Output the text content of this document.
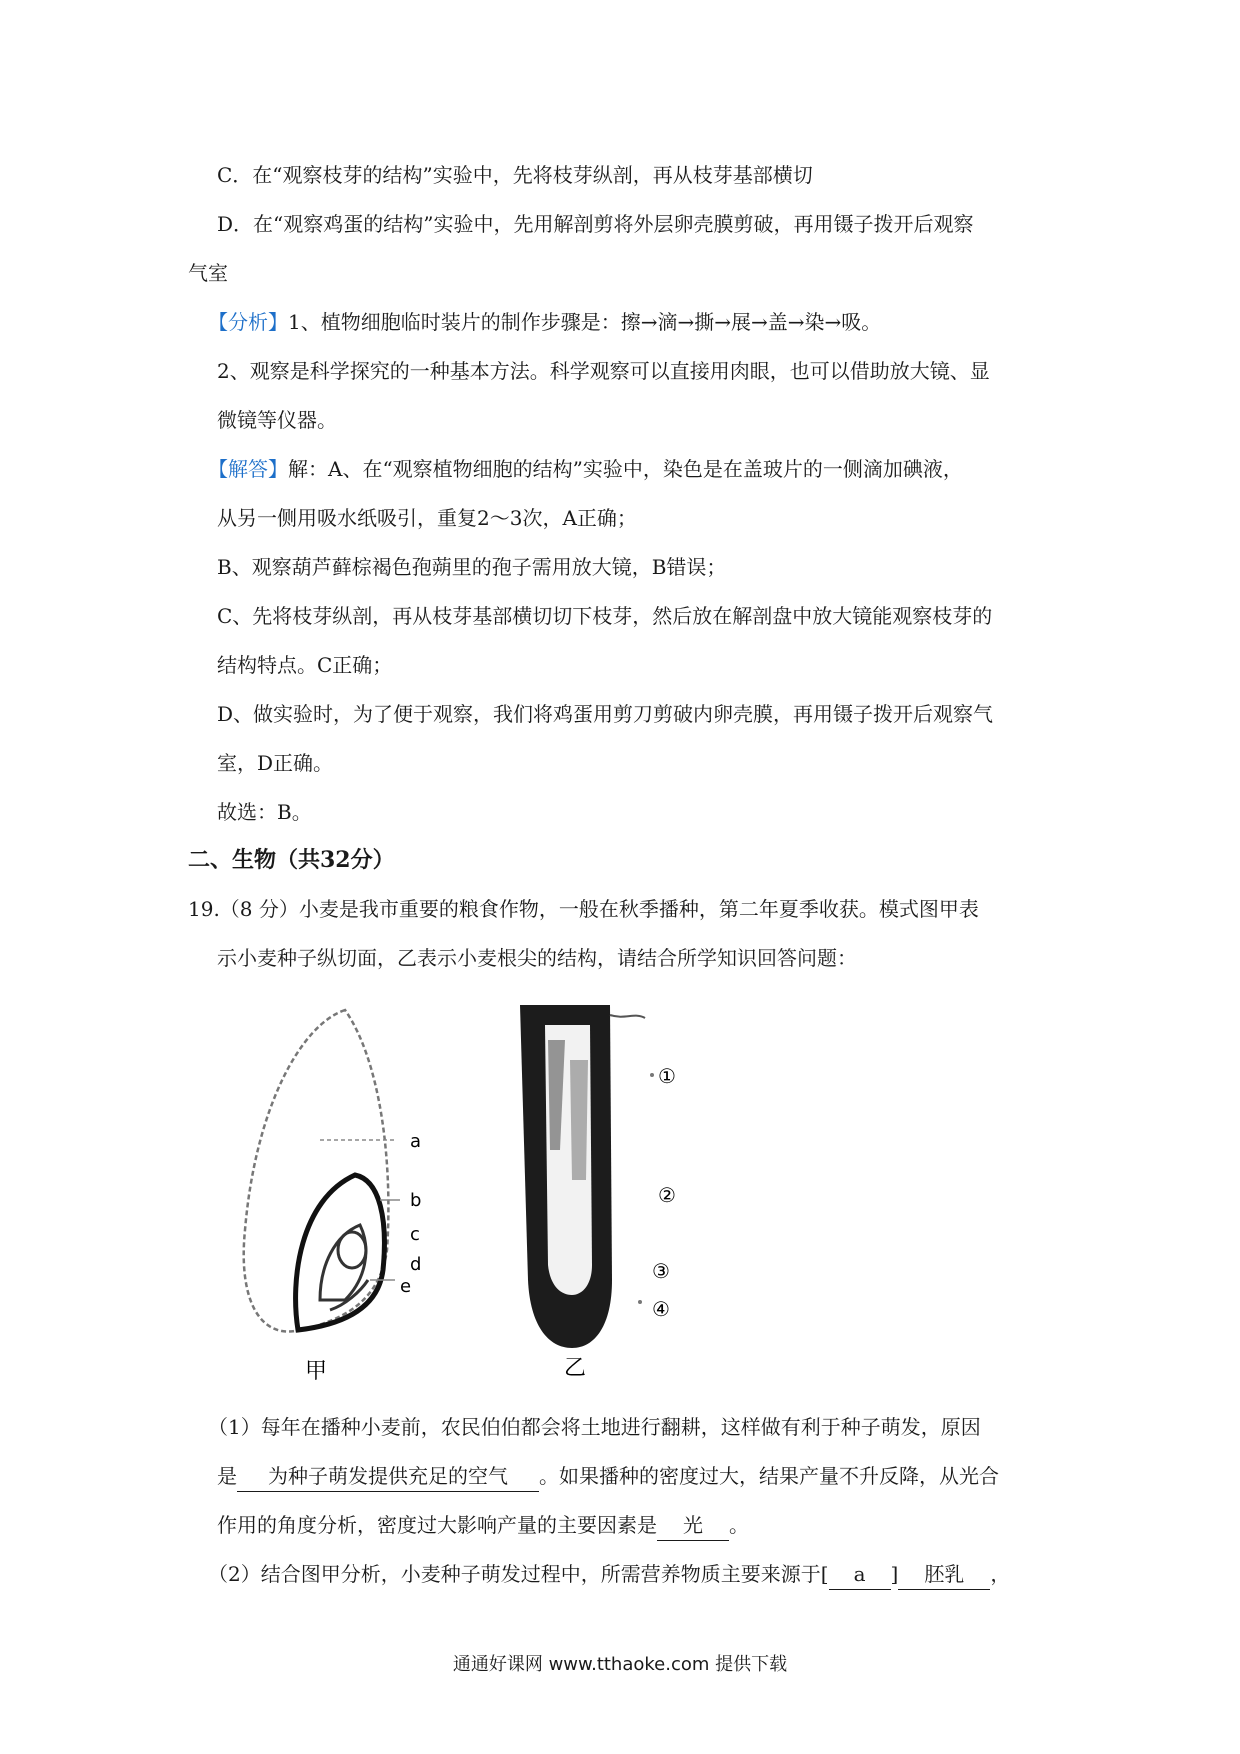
C．在“观察枝芽的结构”实验中，先将枝芽纵剖，再从枝芽基部横切
D．在“观察鸡蛋的结构”实验中，先用解剖剪将外层卵壳膜剪破，再用镊子拨开后观察
气室
【分析】1、植物细胞临时装片的制作步骤是：擦→滴→撕→展→盖→染→吸。
2、观察是科学探究的一种基本方法。科学观察可以直接用肉眼，也可以借助放大镜、显
微镜等仪器。
【解答】解：A、在“观察植物细胞的结构”实验中，染色是在盖玻片的一侧滴加碘液，
从另一侧用吸水纸吸引，重复2～3次，A正确；
B、观察葫芦藓棕褐色孢蒴里的孢子需用放大镜，B错误；
C、先将枝芽纵剖，再从枝芽基部横切切下枝芽，然后放在解剖盘中放大镜能观察枝芽的
结构特点。C正确；
D、做实验时，为了便于观察，我们将鸡蛋用剪刀剪破内卵壳膜，再用镊子拨开后观察气
室，D正确。
故选：B。
二、生物（共32分）
19.（8 分）小麦是我市重要的粮食作物，一般在秋季播种，第二年夏季收获。模式图甲表
示小麦种子纵切面，乙表示小麦根尖的结构，请结合所学知识回答问题：
a
b
c
d
e
甲
①
②
③
④
乙
（1）每年在播种小麦前，农民伯伯都会将土地进行翻耕，这样做有利于种子萌发，原因
是 为种子萌发提供充足的空气 。如果播种的密度过大，结果产量不升反降，从光合
作用的角度分析，密度过大影响产量的主要因素是 光 。
（2）结合图甲分析，小麦种子萌发过程中，所需营养物质主要来源于[ a ] 胚乳 ，
通通好课网 www.tthaoke.com 提供下载
